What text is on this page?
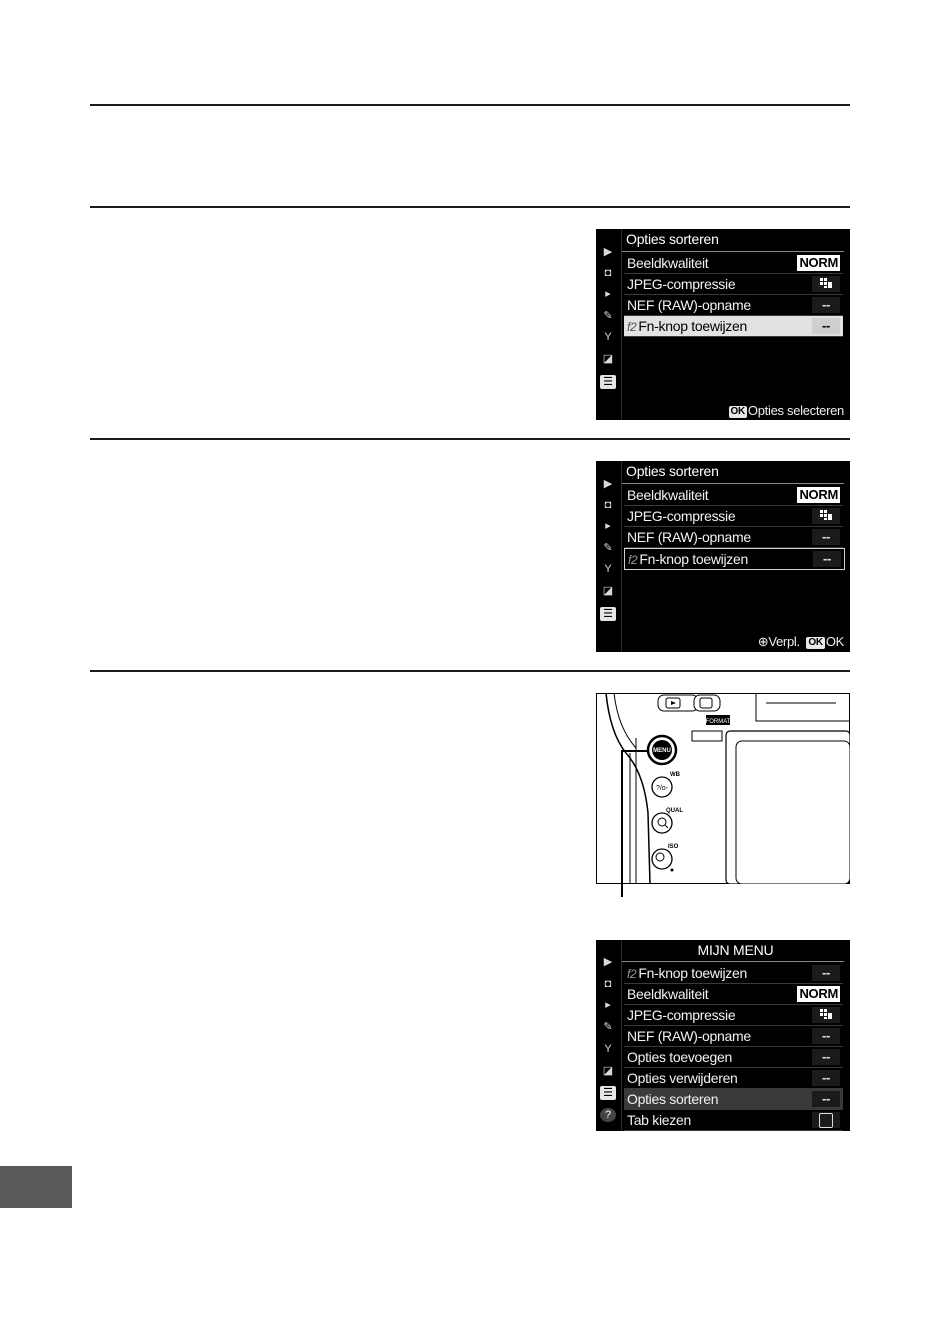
▶
◘
▸
✎
Y
◪
☰
Opties sorteren
Beeldkwaliteit	NORM
JPEG-compressie
NEF (RAW)-opname	--
f2 Fn-knop toewijzen	--
OK Opties selecteren
▶
◘
▸
✎
Y
◪
☰
Opties sorteren
Beeldkwaliteit	NORM
JPEG-compressie
NEF (RAW)-opname	--
f2 Fn-knop toewijzen	--
⊕Verpl. OK OK
FORMAT
MENU
WB
?/o-
QUAL
ISO
▶
◘
▸
✎
Y
◪
☰
?
MIJN MENU
f2 Fn-knop toewijzen	--
Beeldkwaliteit	NORM
JPEG-compressie
NEF (RAW)-opname	--
Opties toevoegen	--
Opties verwijderen	--
Opties sorteren	--
Tab kiezen
